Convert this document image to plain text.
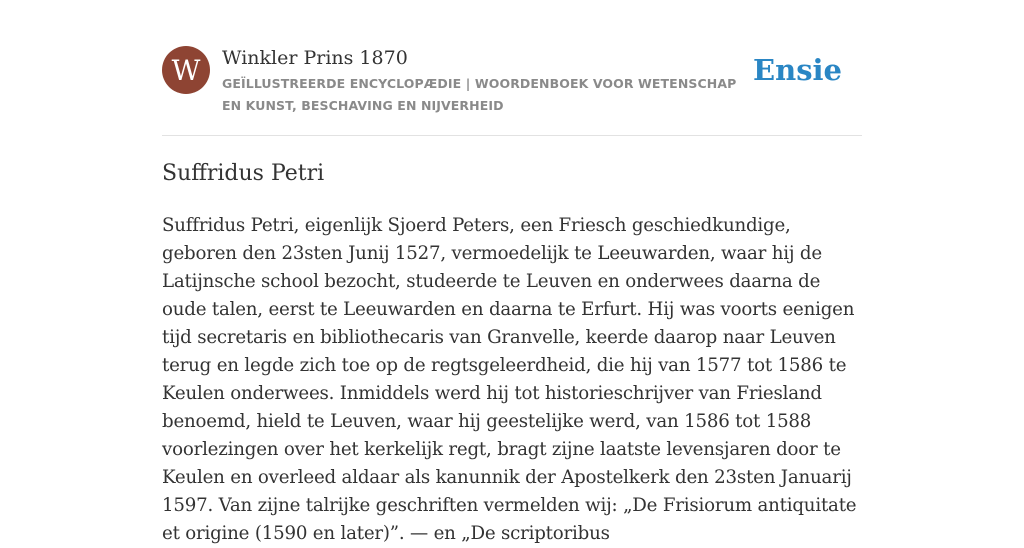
W	Winkler Prins 1870
GEÏLLUSTREERDE ENCYCLOPÆDIE | WOORDENBOEK VOOR WETENSCHAP EN KUNST, BESCHAVING EN NIJVERHEID
Ensie
Suffridus Petri

Suffridus Petri, eigenlijk Sjoerd Peters, een Friesch geschiedkundige, geboren den 23sten Junij 1527, vermoedelijk te Leeuwarden, waar hij de Latijnsche school bezocht, studeerde te Leuven en onderwees daarna de oude talen, eerst te Leeuwarden en daarna te Erfurt. Hij was voorts eenigen tijd secretaris en bibliothecaris van Granvelle, keerde daarop naar Leuven terug en legde zich toe op de regtsgeleerdheid, die hij van 1577 tot 1586 te Keulen onderwees. Inmiddels werd hij tot historieschrijver van Friesland benoemd, hield te Leuven, waar hij geestelijke werd, van 1586 tot 1588 voorlezingen over het kerkelijk regt, bragt zijne laatste levensjaren door te Keulen en overleed aldaar als kanunnik der Apostelkerk den 23sten Januarij 1597. Van zijne talrijke geschriften vermelden wij: „De Frisiorum antiquitate et origine (1590 en later)”. — en „De scriptoribus
